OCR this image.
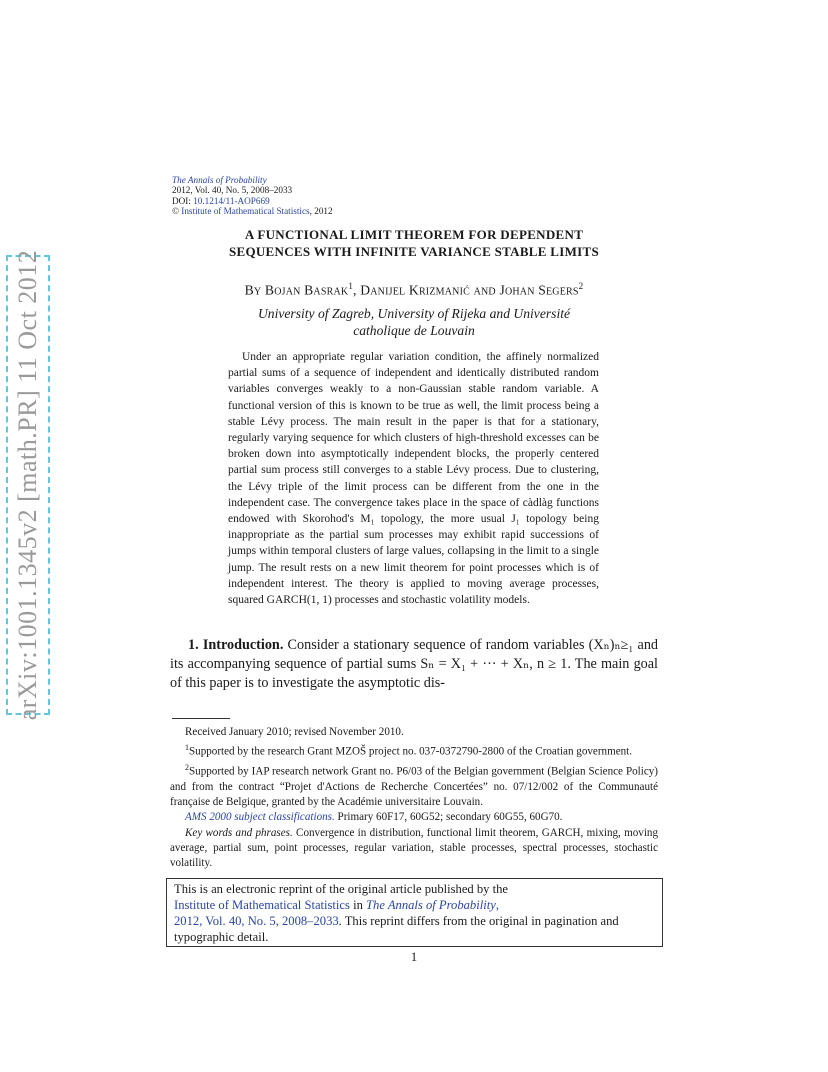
arXiv:1001.1345v2 [math.PR] 11 Oct 2012
The Annals of Probability
2012, Vol. 40, No. 5, 2008–2033
DOI: 10.1214/11-AOP669
© Institute of Mathematical Statistics, 2012
A FUNCTIONAL LIMIT THEOREM FOR DEPENDENT
SEQUENCES WITH INFINITE VARIANCE STABLE LIMITS
By Bojan Basrak$^1$, Danijel Krizmanić and Johan Segers$^2$
University of Zagreb, University of Rijeka and Université
catholique de Louvain
Under an appropriate regular variation condition, the affinely normalized partial sums of a sequence of independent and identically distributed random variables converges weakly to a non-Gaussian stable random variable. A functional version of this is known to be true as well, the limit process being a stable Lévy process. The main result in the paper is that for a stationary, regularly varying sequence for which clusters of high-threshold excesses can be broken down into asymptotically independent blocks, the properly centered partial sum process still converges to a stable Lévy process. Due to clustering, the Lévy triple of the limit process can be different from the one in the independent case. The convergence takes place in the space of càdlàg functions endowed with Skorohod's M₁ topology, the more usual J₁ topology being inappropriate as the partial sum processes may exhibit rapid successions of jumps within temporal clusters of large values, collapsing in the limit to a single jump. The result rests on a new limit theorem for point processes which is of independent interest. The theory is applied to moving average processes, squared GARCH(1, 1) processes and stochastic volatility models.
1. Introduction. Consider a stationary sequence of random variables (Xₙ)ₙ≥₁ and its accompanying sequence of partial sums Sₙ = X₁ + ··· + Xₙ, n ≥ 1. The main goal of this paper is to investigate the asymptotic dis-

Received January 2010; revised November 2010.

$^1$Supported by the research Grant MZOŠ project no. 037-0372790-2800 of the Croatian government.

$^2$Supported by IAP research network Grant no. P6/03 of the Belgian government (Belgian Science Policy) and from the contract “Projet d'Actions de Recherche Concertées” no. 07/12/002 of the Communauté française de Belgique, granted by the Académie universitaire Louvain.

AMS 2000 subject classifications. Primary 60F17, 60G52; secondary 60G55, 60G70.

Key words and phrases. Convergence in distribution, functional limit theorem, GARCH, mixing, moving average, partial sum, point processes, regular variation, stable processes, spectral processes, stochastic volatility.

This is an electronic reprint of the original article published by the
Institute of Mathematical Statistics in The Annals of Probability,
2012, Vol. 40, No. 5, 2008–2033. This reprint differs from the original in pagination and typographic detail.
1
